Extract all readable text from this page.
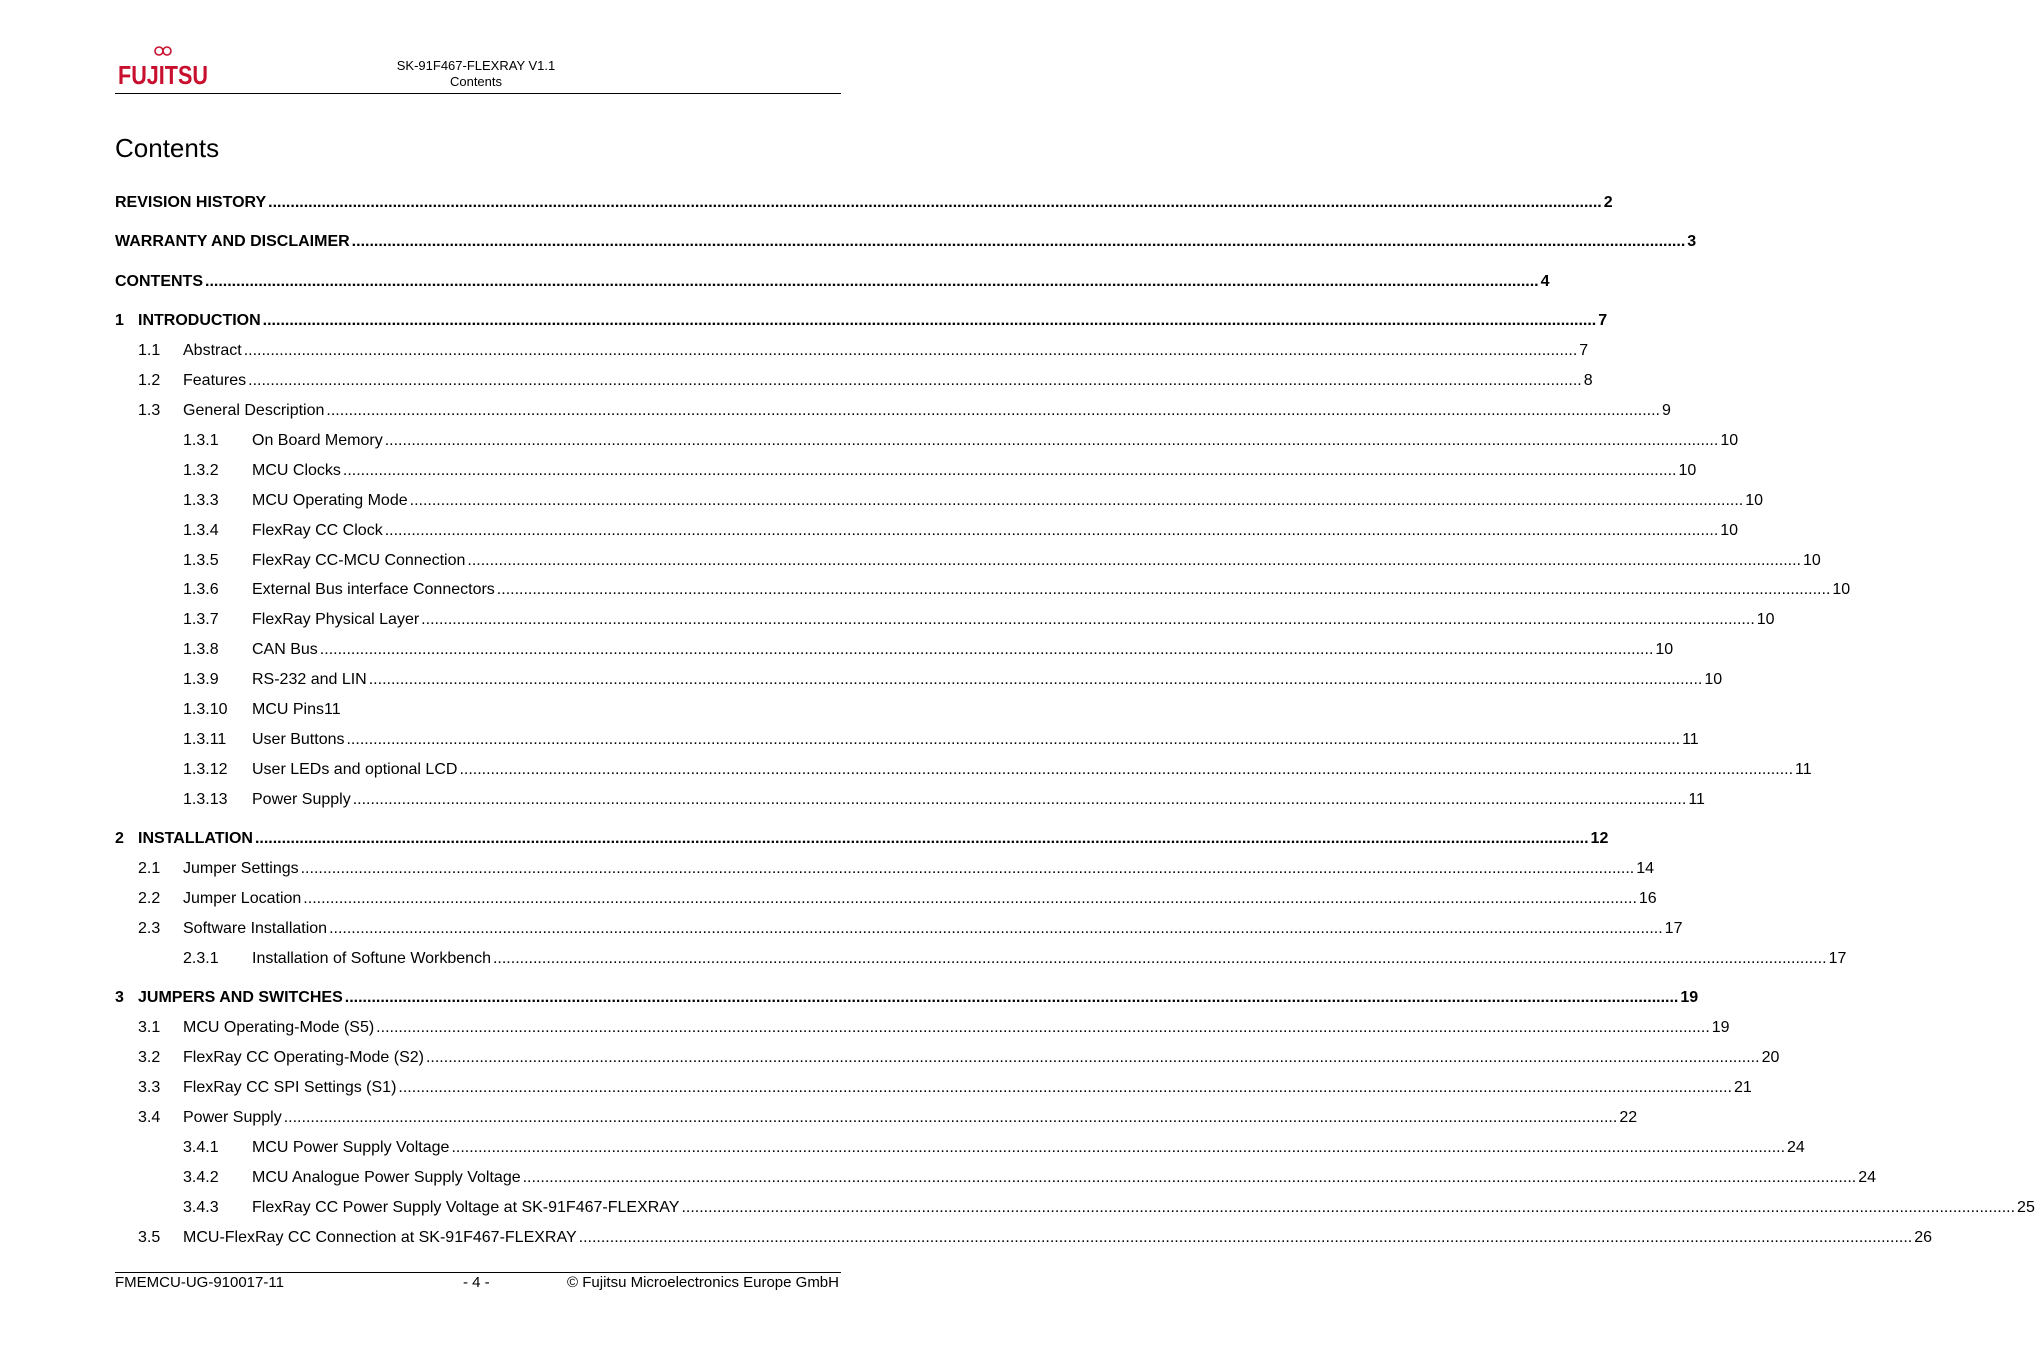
FUJITSU	SK-91F467-FLEXRAY V1.1
Contents
Contents
REVISION HISTORY ............................................................................................................................................................................................................................................................................................................ 2
WARRANTY AND DISCLAIMER ............................................................................................................................................................................................................................................................................................................ 3
CONTENTS ............................................................................................................................................................................................................................................................................................................ 4
1 INTRODUCTION ............................................................................................................................................................................................................................................................................................................ 7
1.1 Abstract ............................................................................................................................................................................................................................................................................................................ 7
1.2 Features ............................................................................................................................................................................................................................................................................................................ 8
1.3 General Description ............................................................................................................................................................................................................................................................................................................ 9
1.3.1 On Board Memory ............................................................................................................................................................................................................................................................................................................ 10
1.3.2 MCU Clocks ............................................................................................................................................................................................................................................................................................................ 10
1.3.3 MCU Operating Mode ............................................................................................................................................................................................................................................................................................................ 10
1.3.4 FlexRay CC Clock ............................................................................................................................................................................................................................................................................................................ 10
1.3.5 FlexRay CC-MCU Connection ............................................................................................................................................................................................................................................................................................................ 10
1.3.6 External Bus interface Connectors ............................................................................................................................................................................................................................................................................................................ 10
1.3.7 FlexRay Physical Layer ............................................................................................................................................................................................................................................................................................................ 10
1.3.8 CAN Bus ............................................................................................................................................................................................................................................................................................................ 10
1.3.9 RS-232 and LIN ............................................................................................................................................................................................................................................................................................................ 10
1.3.10 MCU Pins11
1.3.11 User Buttons ............................................................................................................................................................................................................................................................................................................ 11
1.3.12 User LEDs and optional LCD ............................................................................................................................................................................................................................................................................................................ 11
1.3.13 Power Supply ............................................................................................................................................................................................................................................................................................................ 11
2 INSTALLATION ............................................................................................................................................................................................................................................................................................................ 12
2.1 Jumper Settings ............................................................................................................................................................................................................................................................................................................ 14
2.2 Jumper Location ............................................................................................................................................................................................................................................................................................................ 16
2.3 Software Installation ............................................................................................................................................................................................................................................................................................................ 17
2.3.1 Installation of Softune Workbench ............................................................................................................................................................................................................................................................................................................ 17
3 JUMPERS AND SWITCHES ............................................................................................................................................................................................................................................................................................................ 19
3.1 MCU Operating-Mode (S5) ............................................................................................................................................................................................................................................................................................................ 19
3.2 FlexRay CC Operating-Mode (S2) ............................................................................................................................................................................................................................................................................................................ 20
3.3 FlexRay CC SPI Settings (S1) ............................................................................................................................................................................................................................................................................................................ 21
3.4 Power Supply ............................................................................................................................................................................................................................................................................................................ 22
3.4.1 MCU Power Supply Voltage ............................................................................................................................................................................................................................................................................................................ 24
3.4.2 MCU Analogue Power Supply Voltage ............................................................................................................................................................................................................................................................................................................ 24
3.4.3 FlexRay CC Power Supply Voltage at SK-91F467-FLEXRAY ............................................................................................................................................................................................................................................................................................................ 25
3.5 MCU-FlexRay CC Connection at SK-91F467-FLEXRAY ............................................................................................................................................................................................................................................................................................................ 26
FMEMCU-UG-910017-11	- 4 -	© Fujitsu Microelectronics Europe GmbH
